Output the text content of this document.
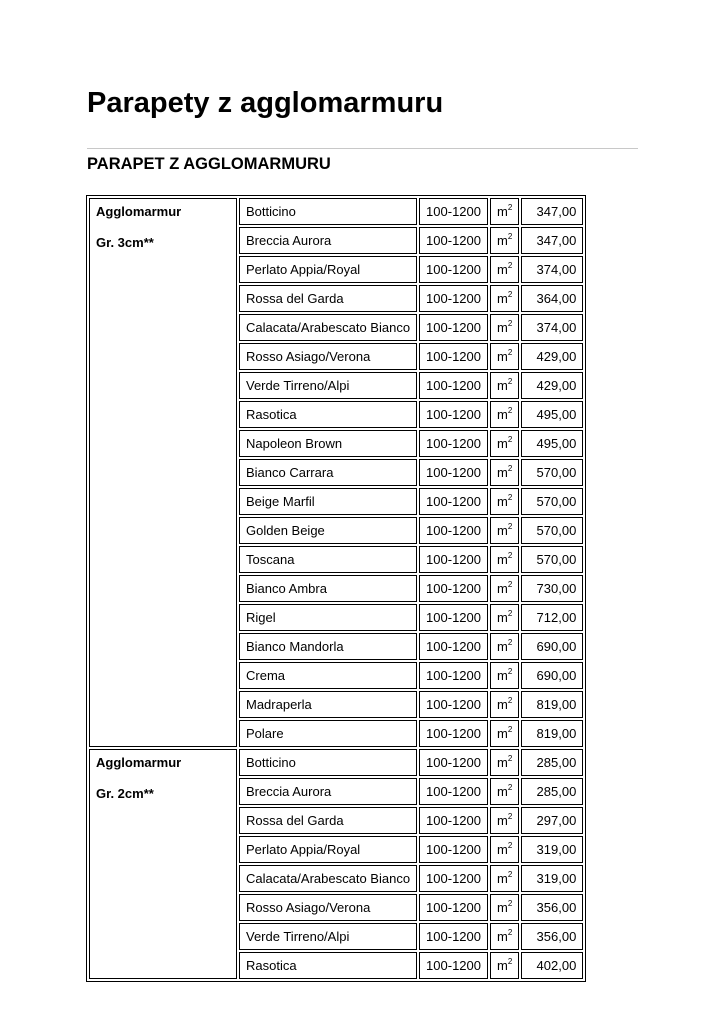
Parapety z agglomarmuru
PARAPET Z AGGLOMARMURU
Agglomarmur
Gr. 3cm**	Botticino	100-1200	$m^2$	347,00
	Breccia Aurora	100-1200	$m^2$	347,00
	Perlato Appia/Royal	100-1200	$m^2$	374,00
	Rossa del Garda	100-1200	$m^2$	364,00
	Calacata/Arabescato Bianco	100-1200	$m^2$	374,00
	Rosso Asiago/Verona	100-1200	$m^2$	429,00
	Verde Tirreno/Alpi	100-1200	$m^2$	429,00
	Rasotica	100-1200	$m^2$	495,00
	Napoleon Brown	100-1200	$m^2$	495,00
	Bianco Carrara	100-1200	$m^2$	570,00
	Beige Marfil	100-1200	$m^2$	570,00
	Golden Beige	100-1200	$m^2$	570,00
	Toscana	100-1200	$m^2$	570,00
	Bianco Ambra	100-1200	$m^2$	730,00
	Rigel	100-1200	$m^2$	712,00
	Bianco Mandorla	100-1200	$m^2$	690,00
	Crema	100-1200	$m^2$	690,00
	Madraperla	100-1200	$m^2$	819,00
	Polare	100-1200	$m^2$	819,00

Agglomarmur
Gr. 2cm**	Botticino	100-1200	$m^2$	285,00
	Breccia Aurora	100-1200	$m^2$	285,00
	Rossa del Garda	100-1200	$m^2$	297,00
	Perlato Appia/Royal	100-1200	$m^2$	319,00
	Calacata/Arabescato Bianco	100-1200	$m^2$	319,00
	Rosso Asiago/Verona	100-1200	$m^2$	356,00
	Verde Tirreno/Alpi	100-1200	$m^2$	356,00
	Rasotica	100-1200	$m^2$	402,00
